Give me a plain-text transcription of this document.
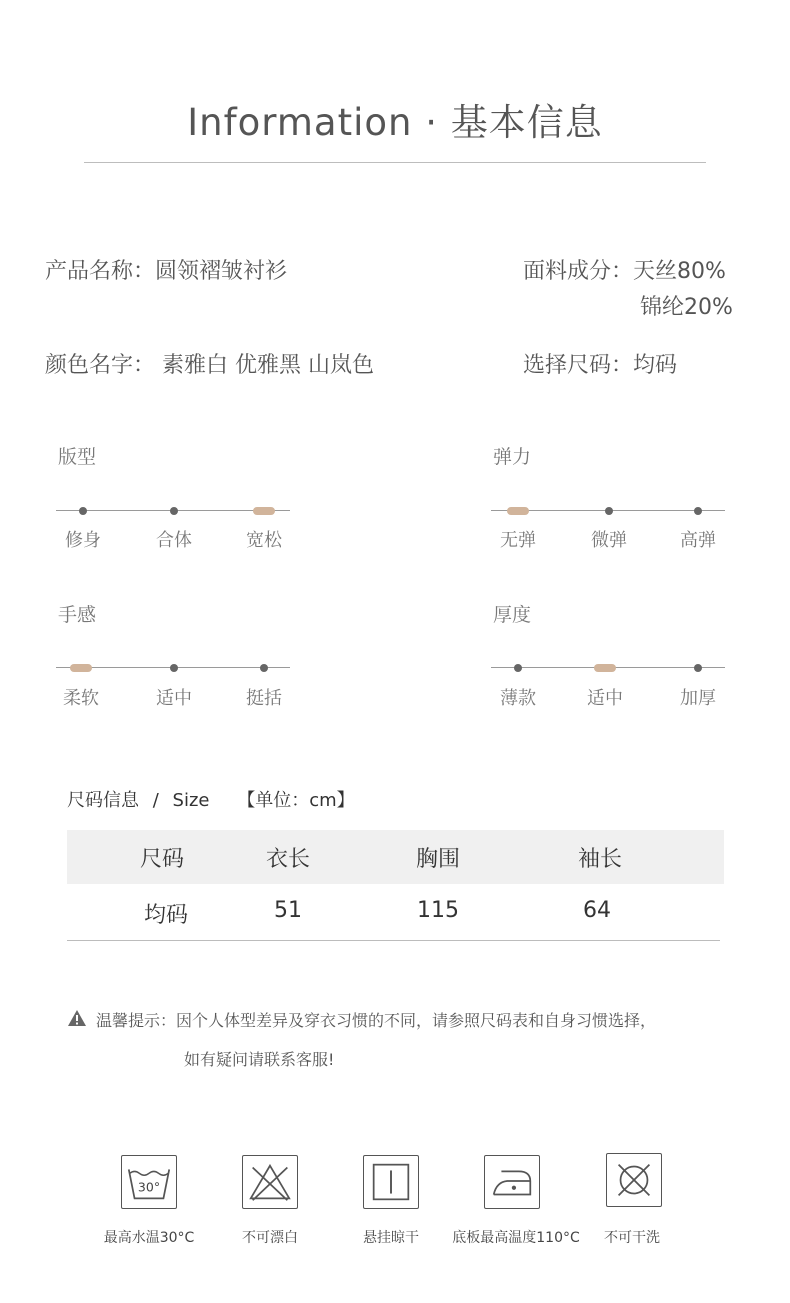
Information · 基本信息
产品名称：圆领褶皱衬衫	面料成分：天丝80%
锦纶20%
颜色名字： 素雅白 优雅黑 山岚色	选择尺码：均码
版型
修身	合体	宽松
弹力
无弹	微弹	高弹
手感
柔软	适中	挺括
厚度
薄款	适中	加厚
尺码信息 / Size 【单位：cm】
尺码	衣长	胸围	袖长
均码	51	115	64
温馨提示：因个人体型差异及穿衣习惯的不同，请参照尺码表和自身习惯选择，
如有疑问请联系客服!
30°
最高水温30°C	不可漂白	悬挂晾干	底板最高温度110°C	不可干洗
